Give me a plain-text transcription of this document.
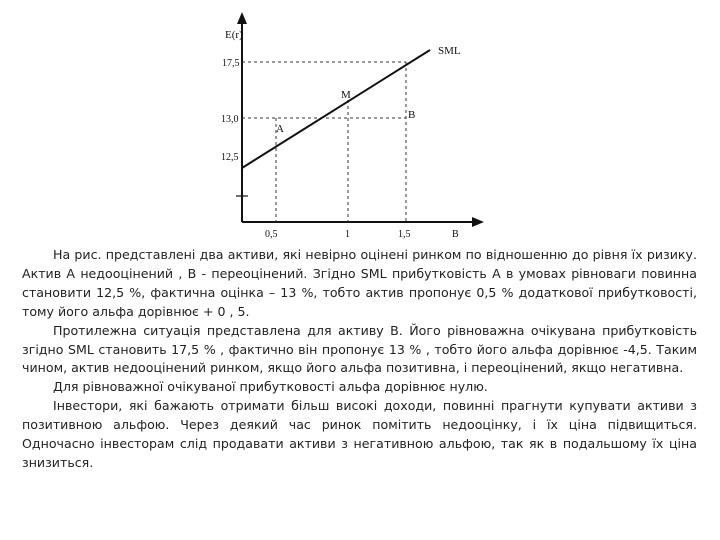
E(r)
SML
M
A
B
17,5
13,0
12,5
0,5	1	1,5	B

На рис. представлені два активи, які невірно оцінені ринком по відношенню до рівня їх ризику. Актив А недооцінений , В - переоцінений. Згідно SML прибутковість А в умовах рівноваги повинна становити 12,5 %, фактична оцінка – 13 %, тобто актив пропонує 0,5 % додаткової прибутковості, тому його альфа дорівнює + 0 , 5.

Протилежна ситуація представлена для активу В. Його рівноважна очікувана прибутковість згідно SML становить 17,5 % , фактично він пропонує 13 % , тобто його альфа дорівнює -4,5. Таким чином, актив недооцінений ринком, якщо його альфа позитивна, і переоцінений, якщо негативна.

Для рівноважної очікуваної прибутковості альфа дорівнює нулю.

Інвестори, які бажають отримати більш високі доходи, повинні прагнути купувати активи з позитивною альфою. Через деякий час ринок помітить недооцінку, і їх ціна підвищиться. Одночасно інвесторам слід продавати активи з негативною альфою, так як в подальшому їх ціна знизиться.
